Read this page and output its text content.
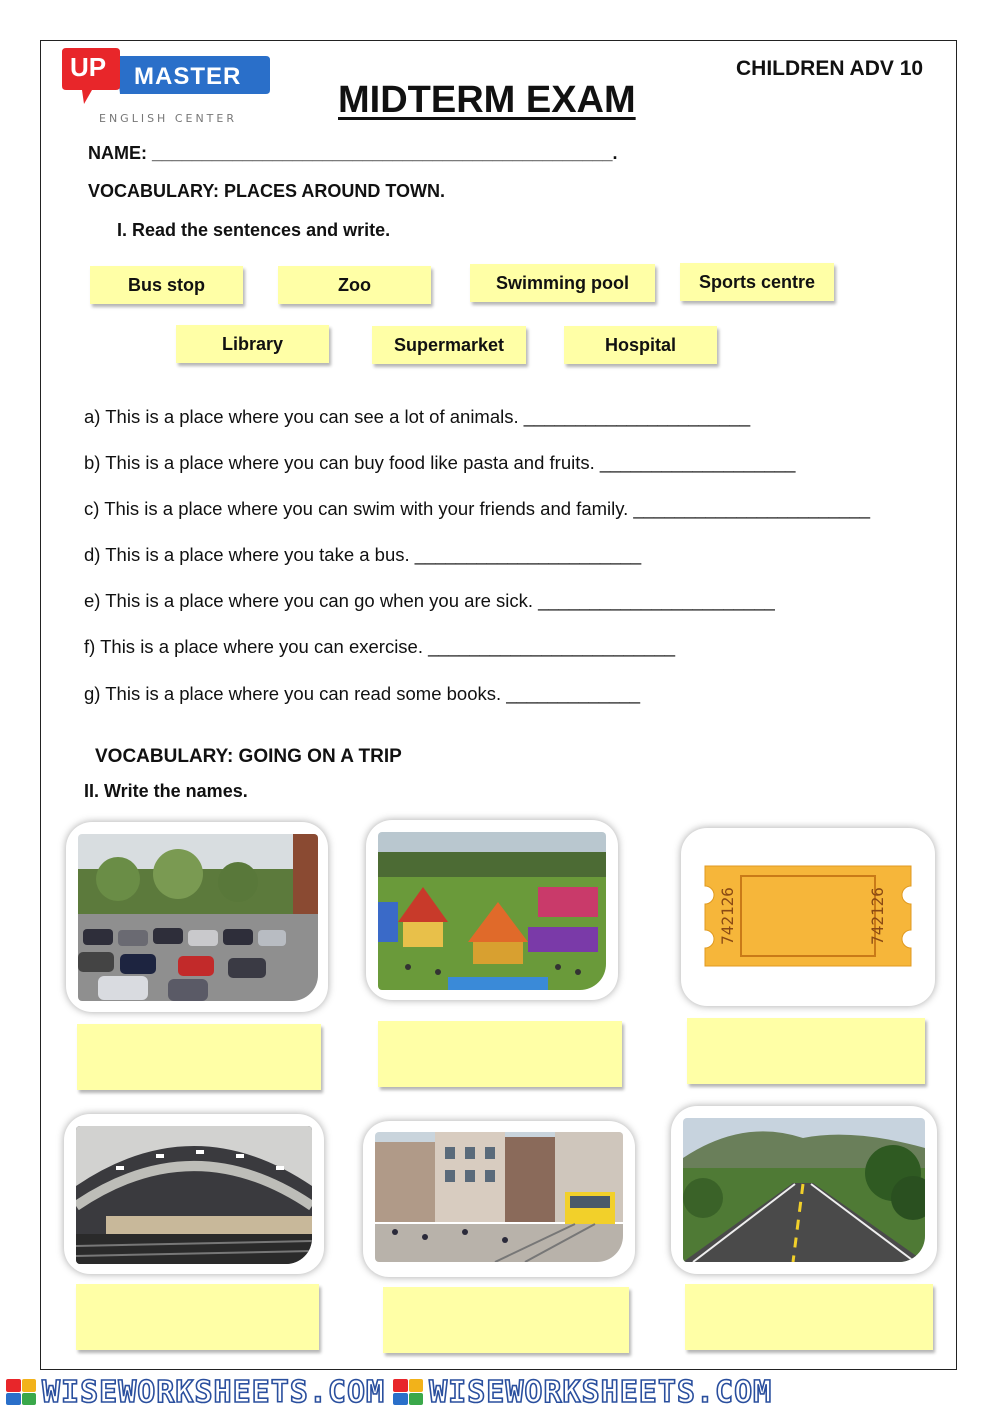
UP MASTER
ENGLISH CENTER
CHILDREN ADV 10
MIDTERM EXAM
NAME: ______________________________________________.
VOCABULARY: PLACES AROUND TOWN.
I. Read the sentences and write.
Bus stop	Zoo	Swimming pool	Sports centre
Library	Supermarket	Hospital
a) This is a place where you can see a lot of animals. ______________________
b) This is a place where you can buy food like pasta and fruits. ___________________
c) This is a place where you can swim with your friends and family. _______________________
d) This is a place where you take a bus. ______________________
e) This is a place where you can go when you are sick. _______________________
f) This is a place where you can exercise. ________________________
g) This is a place where you can read some books. _____________
VOCABULARY: GOING ON A TRIP
II. Write the names.
742126	742126
WISEWORKSHEETS.COM WISEWORKSHEETS.COM
